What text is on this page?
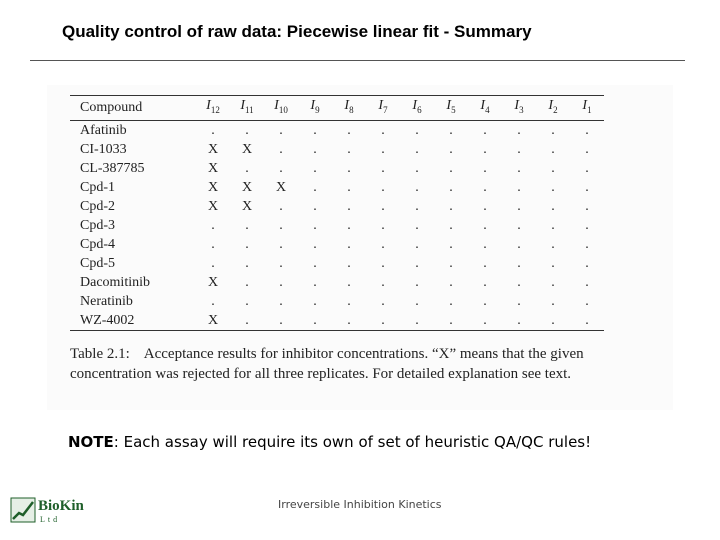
Quality control of raw data: Piecewise linear fit - Summary
Compound	$I_{12}$	$I_{11}$	$I_{10}$	$I_9$	$I_8$	$I_7$	$I_6$	$I_5$	$I_4$	$I_3$	$I_2$	$I_1$
Afatinib	.	.	.	.	.	.	.	.	.	.	.	.
CI-1033	X	X	.	.	.	.	.	.	.	.	.	.
CL-387785	X	.	.	.	.	.	.	.	.	.	.	.
Cpd-1	X	X	X	.	.	.	.	.	.	.	.	.
Cpd-2	X	X	.	.	.	.	.	.	.	.	.	.
Cpd-3	.	.	.	.	.	.	.	.	.	.	.	.
Cpd-4	.	.	.	.	.	.	.	.	.	.	.	.
Cpd-5	.	.	.	.	.	.	.	.	.	.	.	.
Dacomitinib	X	.	.	.	.	.	.	.	.	.	.	.
Neratinib	.	.	.	.	.	.	.	.	.	.	.	.
WZ-4002	X	.	.	.	.	.	.	.	.	.	.	.
Table 2.1: Acceptance results for inhibitor concentrations. “X” means that the given concentration was rejected for all three replicates. For detailed explanation see text.
NOTE: Each assay will require its own of set of heuristic QA/QC rules!
BioKin
Ltd
Irreversible Inhibition Kinetics
